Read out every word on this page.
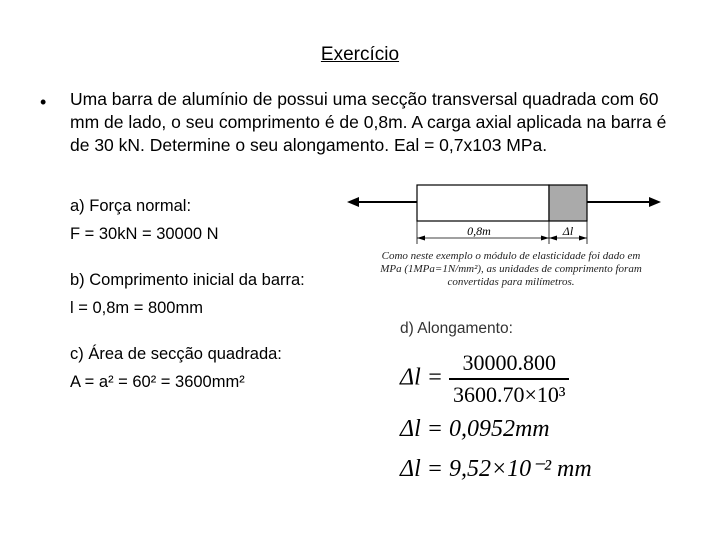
Exercício
• Uma barra de alumínio de possui uma secção transversal quadrada com 60 mm de lado, o seu comprimento é de 0,8m. A carga axial aplicada na barra é de 30 kN. Determine o seu alongamento. Eal = 0,7x103 MPa.
a) Força normal:
F = 30kN = 30000 N
b) Comprimento inicial da barra:
l = 0,8m = 800mm
c) Área de secção quadrada:
A = a² = 60² = 3600mm²
0,8m	Δl
Como neste exemplo o módulo de elasticidade foi dado em MPa (1MPa=1N/mm²), as unidades de comprimento foram convertidas para milímetros.
d) Alongamento:
$\Delta l = \frac{30000.800}{\text{3600.70×10³}}$
Δl = 0,0952mm
Δl = 9,52×10⁻² mm
